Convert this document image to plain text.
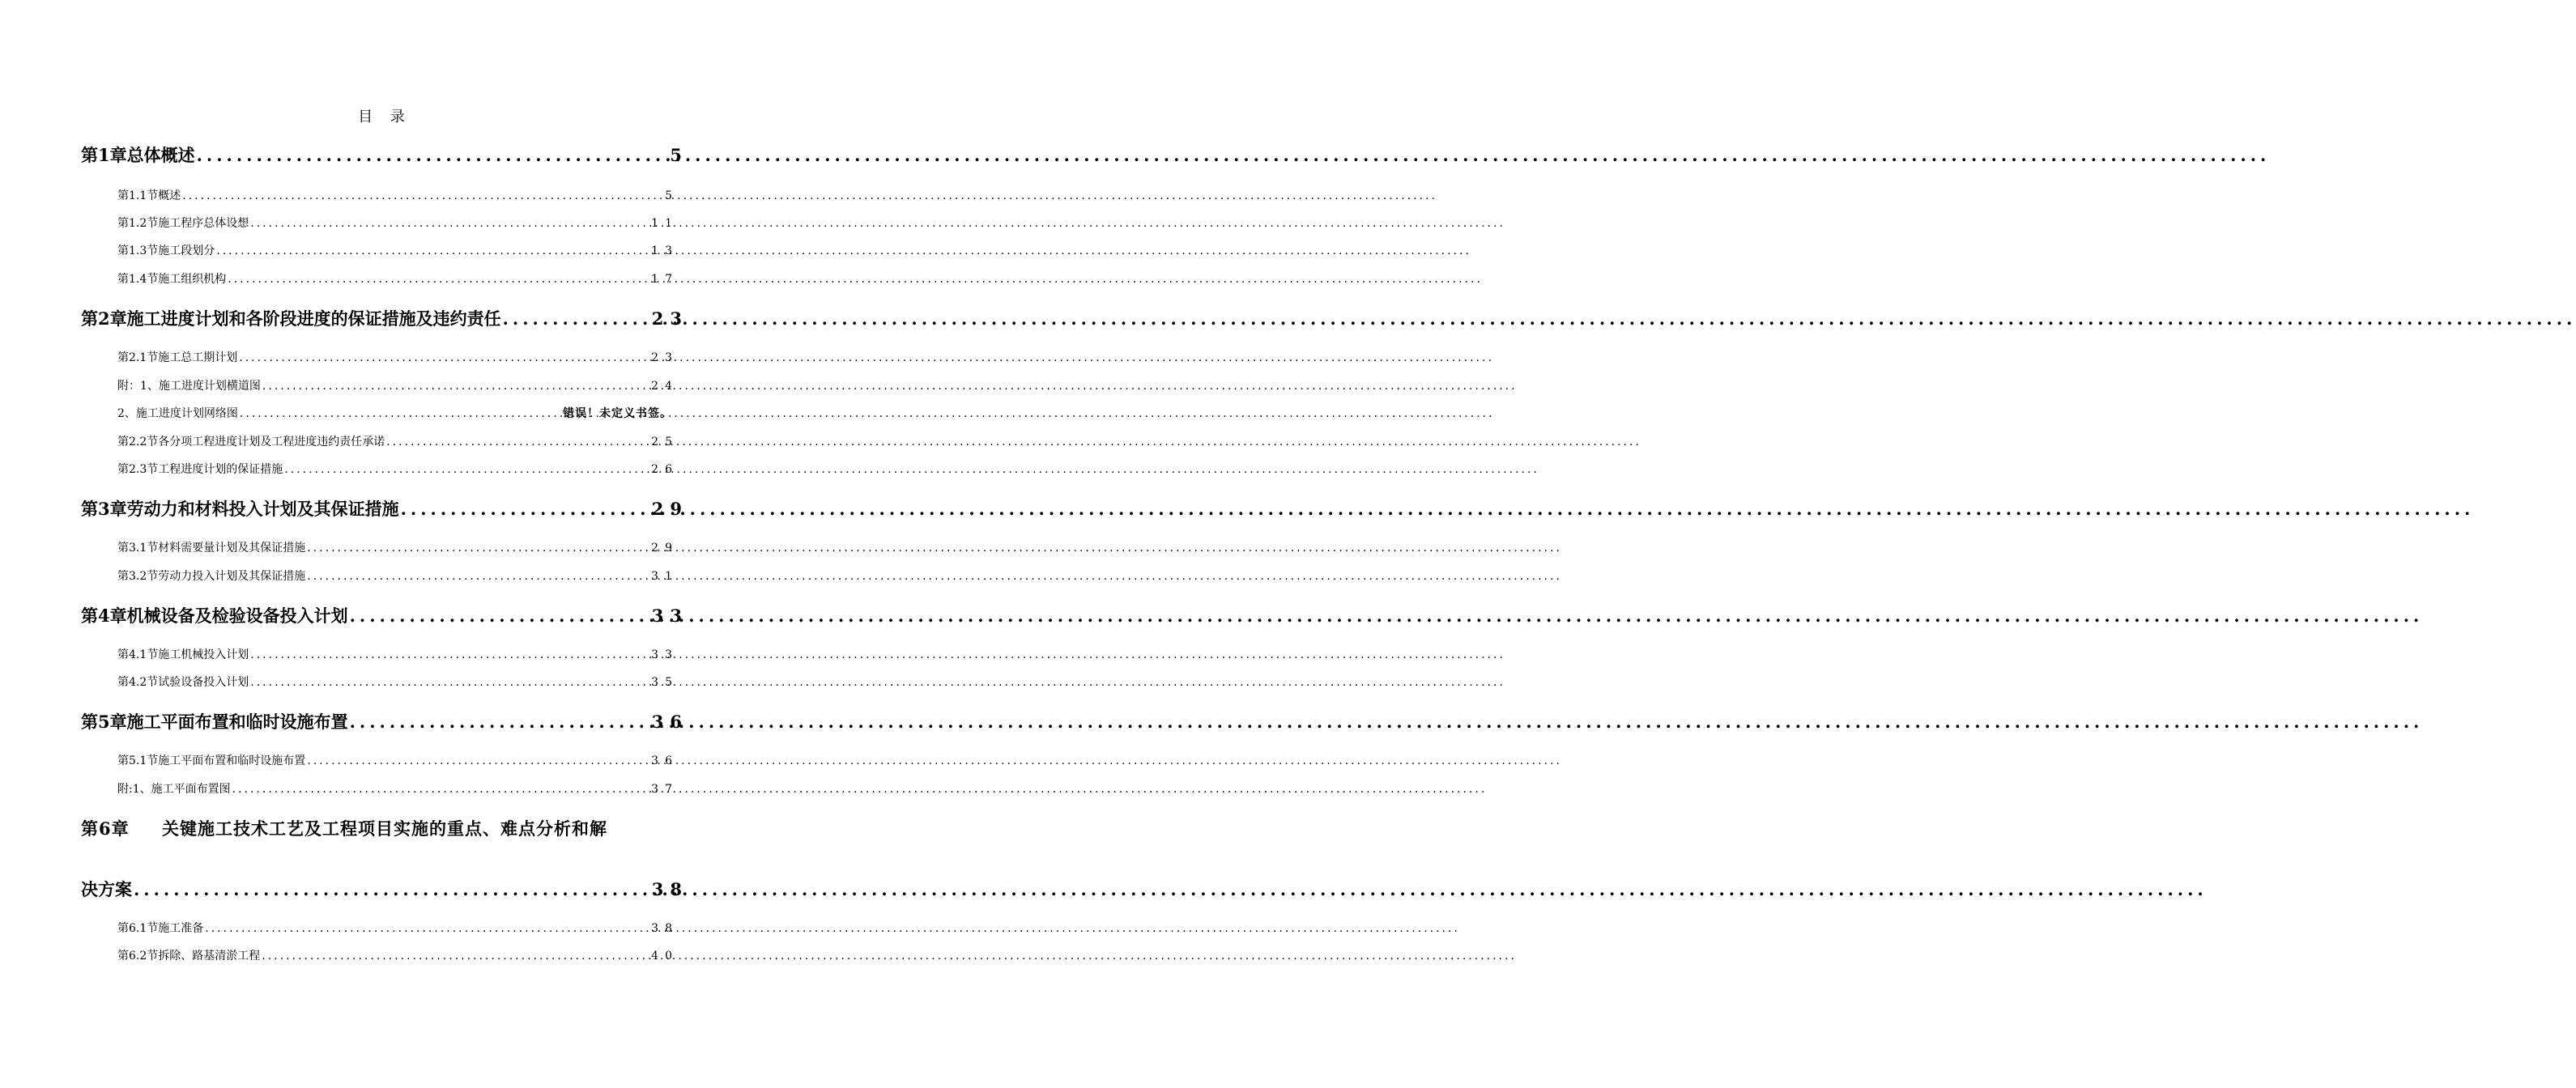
目 录
第1章 总体概述 .....	5
第1.1节 概述 .....	5
第1.2节 施工程序总体设想 .....	11
第1.3节 施工段划分 .....	13
第1.4节 施工组织机构 .....	17
第2章 施工进度计划和各阶段进度的保证措施及违约责任 .....	23
第2.1节 施工总工期计划 .....	23
附：1、施工进度计划横道图 .....	24
2、施工进度计划网络图 .....	错误！未定义书签。
第2.2节 各分项工程进度计划及工程进度违约责任承诺 .....	25
第2.3节 工程进度计划的保证措施 .....	26
第3章 劳动力和材料投入计划及其保证措施 .....	29
第3.1节 材料需要量计划及其保证措施 .....	29
第3.2节 劳动力投入计划及其保证措施 .....	31
第4章 机械设备及检验设备投入计划 .....	33
第4.1节 施工机械投入计划 .....	33
第4.2节 试验设备投入计划 .....	35
第5章 施工平面布置和临时设施布置 .....	36
第5.1节 施工平面布置和临时设施布置 .....	36
附:1、施工平面布置图 .....	37
第6章 关键施工技术工艺及工程项目实施的重点、难点分析和解
决方案 .....	38
第6.1节 施工准备 .....	38
第6.2节 拆除、路基清淤工程 .....	40
